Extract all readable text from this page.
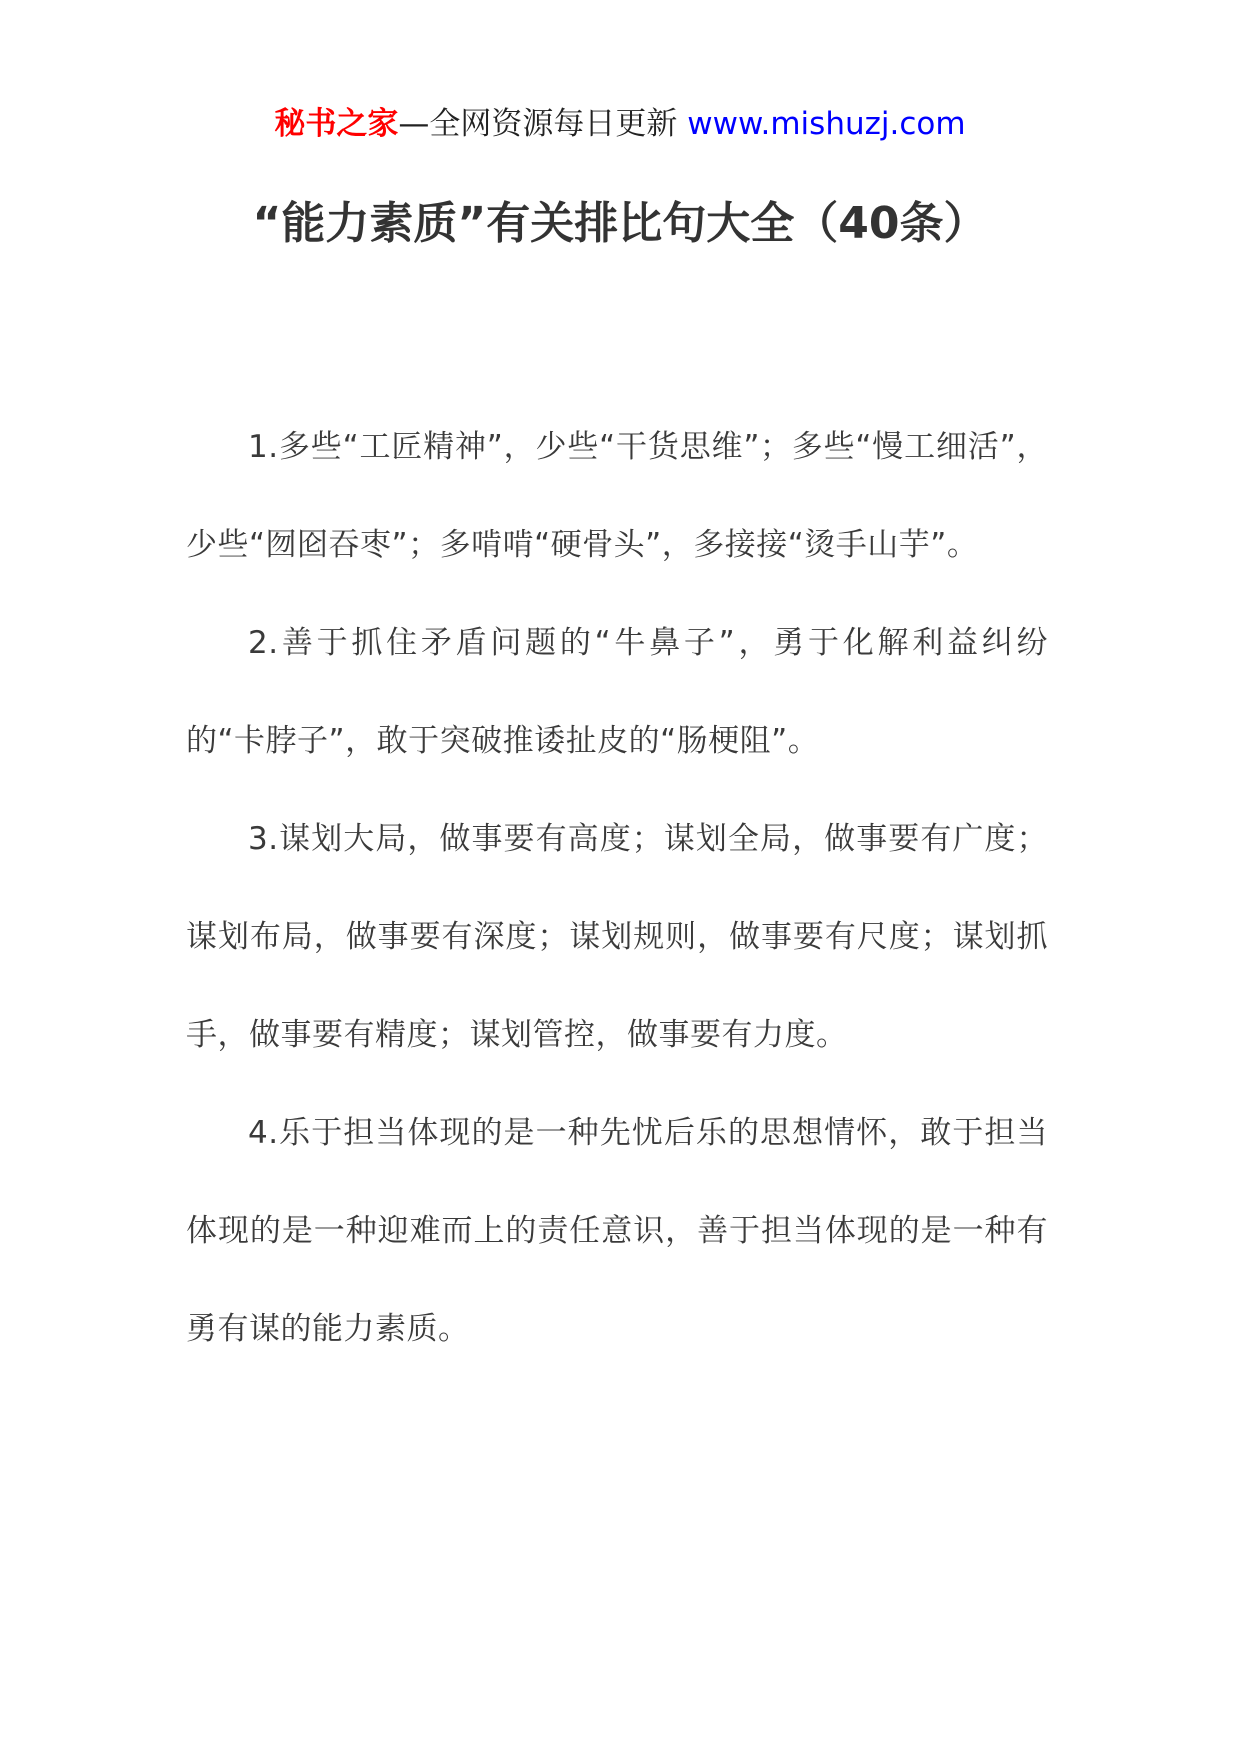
秘书之家—全网资源每日更新 www.mishuzj.com
“能力素质”有关排比句大全（40条）

1.多些“工匠精神”，少些“干货思维”；多些“慢工细活”，少些“囫囵吞枣”；多啃啃“硬骨头”，多接接“烫手山芋”。

2.善于抓住矛盾问题的“牛鼻子”，勇于化解利益纠纷的“卡脖子”，敢于突破推诿扯皮的“肠梗阻”。

3.谋划大局，做事要有高度；谋划全局，做事要有广度；谋划布局，做事要有深度；谋划规则，做事要有尺度；谋划抓手，做事要有精度；谋划管控，做事要有力度。

4.乐于担当体现的是一种先忧后乐的思想情怀，敢于担当体现的是一种迎难而上的责任意识，善于担当体现的是一种有勇有谋的能力素质。
